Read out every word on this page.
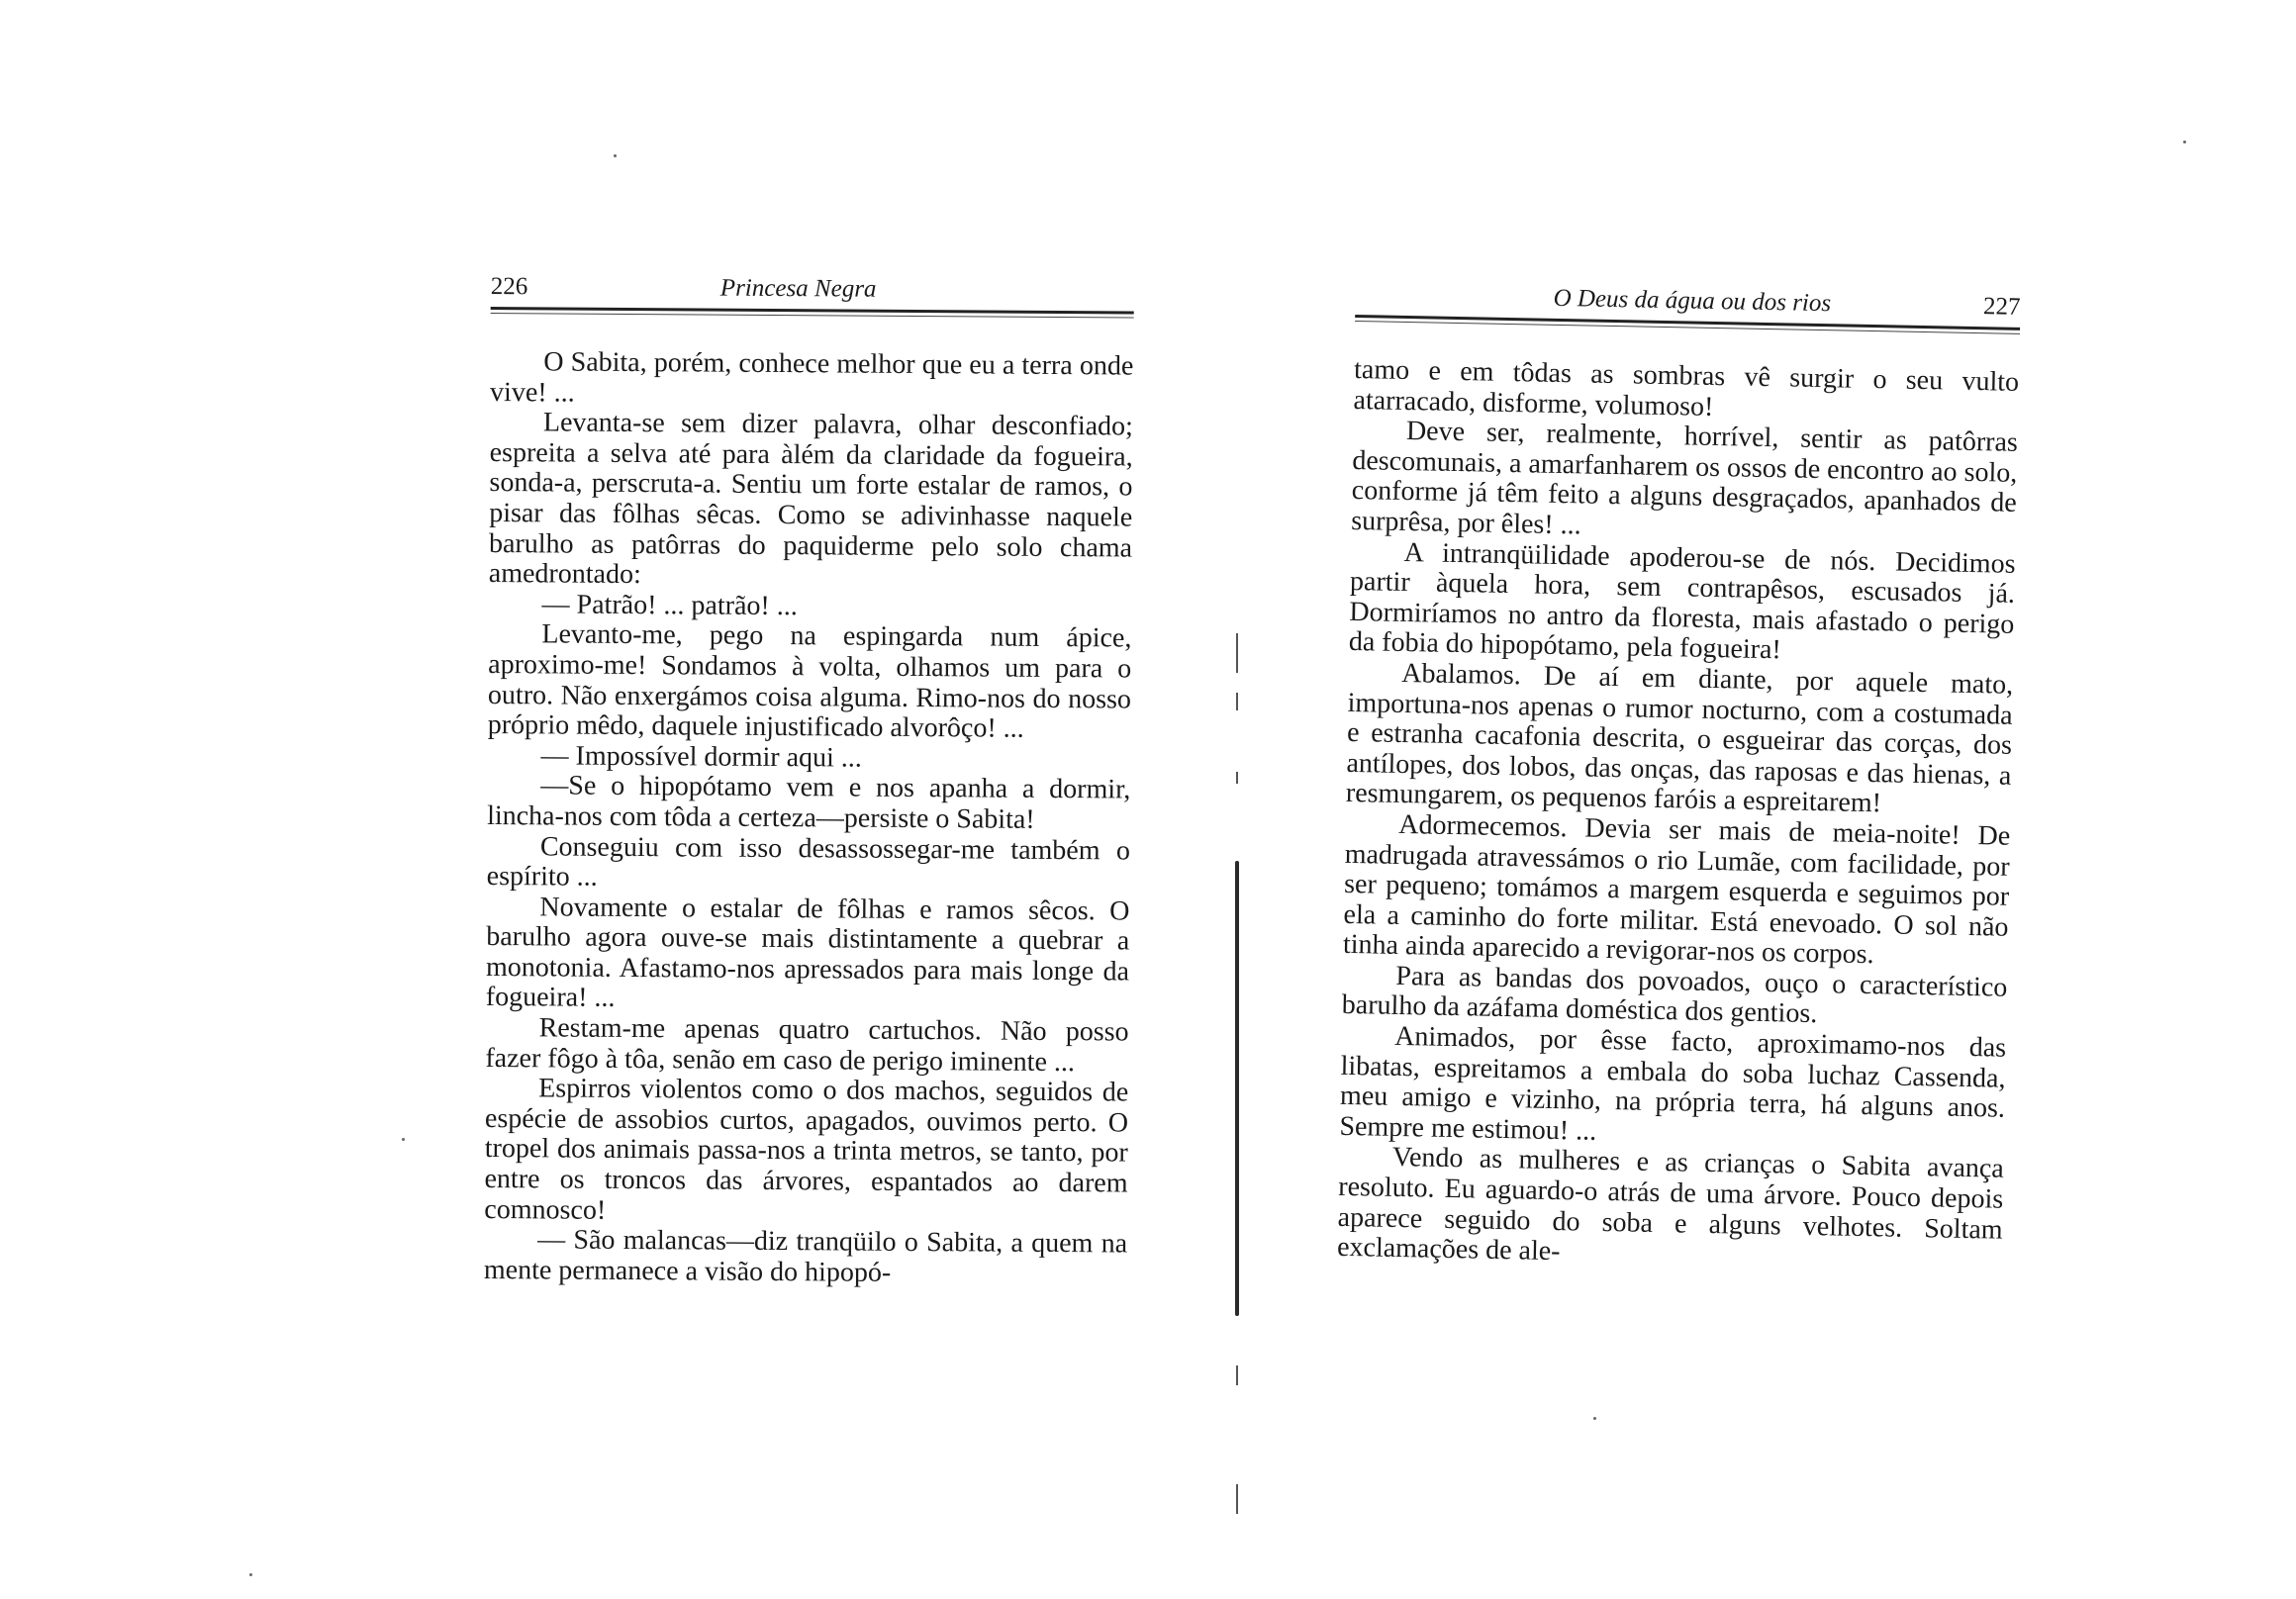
226	Princesa Negra

O Sabita, porém, conhece melhor que eu a terra onde vive! ...

Levanta-se sem dizer palavra, olhar desconfiado; espreita a selva até para àlém da claridade da fogueira, sonda-a, perscruta-a. Sentiu um forte estalar de ramos, o pisar das fôlhas sêcas. Como se adivinhasse naquele barulho as patôrras do paquiderme pelo solo chama amedrontado:

— Patrão! ... patrão! ...

Levanto-me, pego na espingarda num ápice, aproximo-me! Sondamos à volta, olhamos um para o outro. Não enxergámos coisa alguma. Rimo-nos do nosso próprio mêdo, daquele injustificado alvorôço! ...

— Impossível dormir aqui ...

—Se o hipopótamo vem e nos apanha a dormir, lincha-nos com tôda a certeza—persiste o Sabita!

Conseguiu com isso desassossegar-me também o espírito ...

Novamente o estalar de fôlhas e ramos sêcos. O barulho agora ouve-se mais distintamente a quebrar a monotonia. Afastamo-nos apressados para mais longe da fogueira! ...

Restam-me apenas quatro cartuchos. Não posso fazer fôgo à tôa, senão em caso de perigo iminente ...

Espirros violentos como o dos machos, seguidos de espécie de assobios curtos, apagados, ouvimos perto. O tropel dos animais passa-nos a trinta metros, se tanto, por entre os troncos das árvores, espantados ao darem comnosco!

— São malancas—diz tranqüilo o Sabita, a quem na mente permanece a visão do hipopó-

O Deus da água ou dos rios	227

tamo e em tôdas as sombras vê surgir o seu vulto atarracado, disforme, volumoso!

Deve ser, realmente, horrível, sentir as patôrras descomunais, a amarfanharem os ossos de encontro ao solo, conforme já têm feito a alguns desgraçados, apanhados de surprêsa, por êles! ...

A intranqüilidade apoderou-se de nós. Decidimos partir àquela hora, sem contrapêsos, escusados já. Dormiríamos no antro da floresta, mais afastado o perigo da fobia do hipopótamo, pela fogueira!

Abalamos. De aí em diante, por aquele mato, importuna-nos apenas o rumor nocturno, com a costumada e estranha cacafonia descrita, o esgueirar das corças, dos antílopes, dos lobos, das onças, das raposas e das hienas, a resmungarem, os pequenos faróis a espreitarem!

Adormecemos. Devia ser mais de meia-noite! De madrugada atravessámos o rio Lumãe, com facilidade, por ser pequeno; tomámos a margem esquerda e seguimos por ela a caminho do forte militar. Está enevoado. O sol não tinha ainda aparecido a revigorar-nos os corpos.

Para as bandas dos povoados, ouço o característico barulho da azáfama doméstica dos gentios.

Animados, por êsse facto, aproximamo-nos das libatas, espreitamos a embala do soba luchaz Cassenda, meu amigo e vizinho, na própria terra, há alguns anos. Sempre me estimou! ...

Vendo as mulheres e as crianças o Sabita avança resoluto. Eu aguardo-o atrás de uma árvore. Pouco depois aparece seguido do soba e alguns velhotes. Soltam exclamações de ale-
